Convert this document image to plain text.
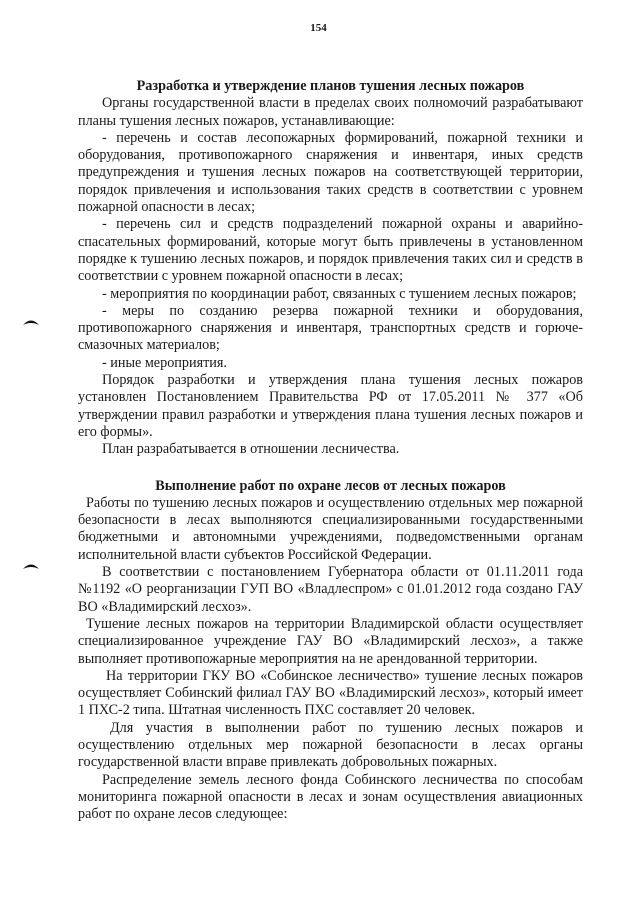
154
Разработка и утверждение планов тушения лесных пожаров

Органы государственной власти в пределах своих полномочий разрабатывают планы тушения лесных пожаров, устанавливающие:

- перечень и состав лесопожарных формирований, пожарной техники и оборудования, противопожарного снаряжения и инвентаря, иных средств предупреждения и тушения лесных пожаров на соответствующей территории, порядок привлечения и использования таких средств в соответствии с уровнем пожарной опасности в лесах;

- перечень сил и средств подразделений пожарной охраны и аварийно-спасательных формирований, которые могут быть привлечены в установленном порядке к тушению лесных пожаров, и порядок привлечения таких сил и средств в соответствии с уровнем пожарной опасности в лесах;

- мероприятия по координации работ, связанных с тушением лесных пожаров;

- меры по созданию резерва пожарной техники и оборудования, противопожарного снаряжения и инвентаря, транспортных средств и горюче-смазочных материалов;

- иные мероприятия.

Порядок разработки и утверждения плана тушения лесных пожаров установлен Постановлением Правительства РФ от 17.05.2011 № 377 «Об утверждении правил разработки и утверждения плана тушения лесных пожаров и его формы».

План разрабатывается в отношении лесничества.

Выполнение работ по охране лесов от лесных пожаров

Работы по тушению лесных пожаров и осуществлению отдельных мер пожарной безопасности в лесах выполняются специализированными государственными бюджетными и автономными учреждениями, подведомственными органам исполнительной власти субъектов Российской Федерации.

В соответствии с постановлением Губернатора области от 01.11.2011 года №1192 «О реорганизации ГУП ВО «Владлеспром» с 01.01.2012 года создано ГАУ ВО «Владимирский лесхоз».

Тушение лесных пожаров на территории Владимирской области осуществляет специализированное учреждение ГАУ ВО «Владимирский лесхоз», а также выполняет противопожарные мероприятия на не арендованной территории.

На территории ГКУ ВО «Собинское лесничество» тушение лесных пожаров осуществляет Собинский филиал ГАУ ВО «Владимирский лесхоз», который имеет 1 ПХС-2 типа. Штатная численность ПХС составляет 20 человек.

Для участия в выполнении работ по тушению лесных пожаров и осуществлению отдельных мер пожарной безопасности в лесах органы государственной власти вправе привлекать добровольных пожарных.

Распределение земель лесного фонда Собинского лесничества по способам мониторинга пожарной опасности в лесах и зонам осуществления авиационных работ по охране лесов следующее:
